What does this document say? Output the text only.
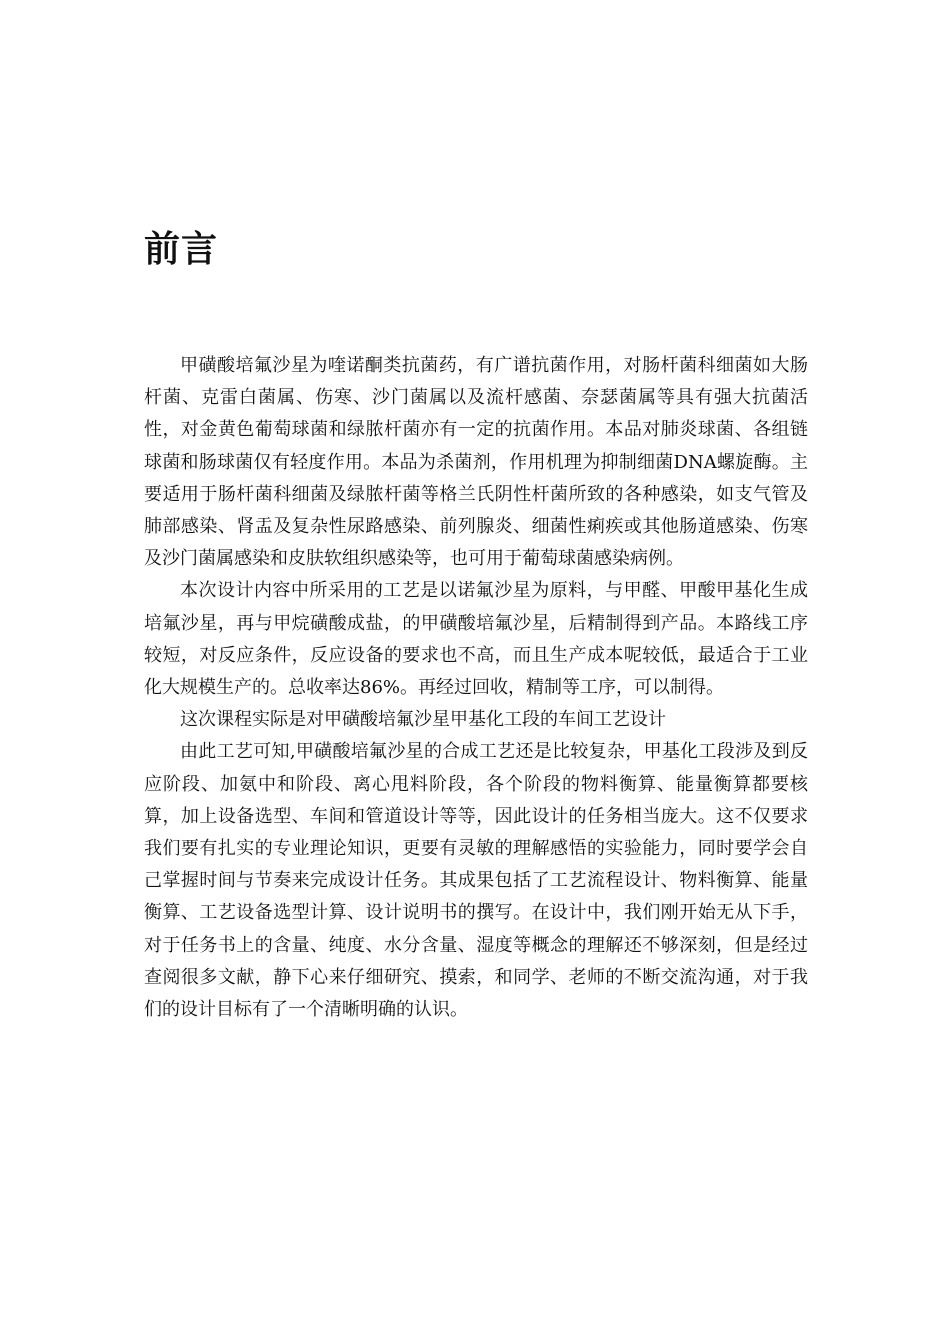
前言

甲磺酸培氟沙星为喹诺酮类抗菌药，有广谱抗菌作用，对肠杆菌科细菌如大肠杆菌、克雷白菌属、伤寒、沙门菌属以及流杆感菌、奈瑟菌属等具有强大抗菌活性，对金黄色葡萄球菌和绿脓杆菌亦有一定的抗菌作用。本品对肺炎球菌、各组链球菌和肠球菌仅有轻度作用。本品为杀菌剂，作用机理为抑制细菌DNA螺旋酶。主要适用于肠杆菌科细菌及绿脓杆菌等格兰氏阴性杆菌所致的各种感染，如支气管及肺部感染、肾盂及复杂性尿路感染、前列腺炎、细菌性痢疾或其他肠道感染、伤寒及沙门菌属感染和皮肤软组织感染等，也可用于葡萄球菌感染病例。

本次设计内容中所采用的工艺是以诺氟沙星为原料，与甲醛、甲酸甲基化生成培氟沙星，再与甲烷磺酸成盐，的甲磺酸培氟沙星，后精制得到产品。本路线工序较短，对反应条件，反应设备的要求也不高，而且生产成本呢较低，最适合于工业化大规模生产的。总收率达86%。再经过回收，精制等工序，可以制得。

这次课程实际是对甲磺酸培氟沙星甲基化工段的车间工艺设计

由此工艺可知,甲磺酸培氟沙星的合成工艺还是比较复杂，甲基化工段涉及到反应阶段、加氨中和阶段、离心甩料阶段，各个阶段的物料衡算、能量衡算都要核算，加上设备选型、车间和管道设计等等，因此设计的任务相当庞大。这不仅要求我们要有扎实的专业理论知识，更要有灵敏的理解感悟的实验能力，同时要学会自己掌握时间与节奏来完成设计任务。其成果包括了工艺流程设计、物料衡算、能量衡算、工艺设备选型计算、设计说明书的撰写。在设计中，我们刚开始无从下手，对于任务书上的含量、纯度、水分含量、湿度等概念的理解还不够深刻，但是经过查阅很多文献，静下心来仔细研究、摸索，和同学、老师的不断交流沟通，对于我们的设计目标有了一个清晰明确的认识。
